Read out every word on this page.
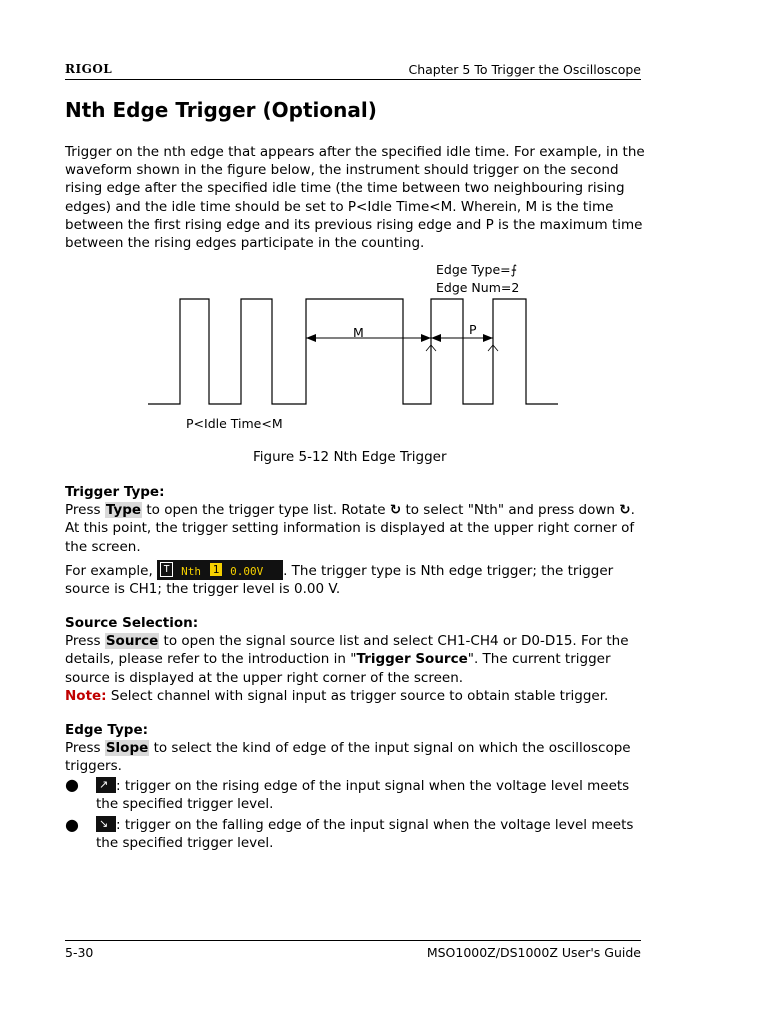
RIGOL	Chapter 5 To Trigger the Oscilloscope
Nth Edge Trigger (Optional)

Trigger on the nth edge that appears after the specified idle time. For example, in the waveform shown in the figure below, the instrument should trigger on the second rising edge after the specified idle time (the time between two neighbouring rising edges) and the idle time should be set to P<Idle Time<M. Wherein, M is the time between the first rising edge and its previous rising edge and P is the maximum time between the rising edges participate in the counting.

Edge Type=⨍
Edge Num=2
M	P
P<Idle Time<M
Figure 5-12 Nth Edge Trigger

Trigger Type:

Press Type to open the trigger type list. Rotate ↻ to select "Nth" and press down ↻. At this point, the trigger setting information is displayed at the upper right corner of the screen.

For example, T	Nth 1 0.00V . The trigger type is Nth edge trigger; the trigger source is CH1; the trigger level is 0.00 V.

Source Selection:

Press Source to open the signal source list and select CH1-CH4 or D0-D15. For the details, please refer to the introduction in "Trigger Source". The current trigger source is displayed at the upper right corner of the screen.

Note: Select channel with signal input as trigger source to obtain stable trigger.

Edge Type:

Press Slope to select the kind of edge of the input signal on which the oscilloscope triggers.

● ↗ : trigger on the rising edge of the input signal when the voltage level meets the specified trigger level.

● ↘ : trigger on the falling edge of the input signal when the voltage level meets the specified trigger level.

5-30	MSO1000Z/DS1000Z User's Guide
